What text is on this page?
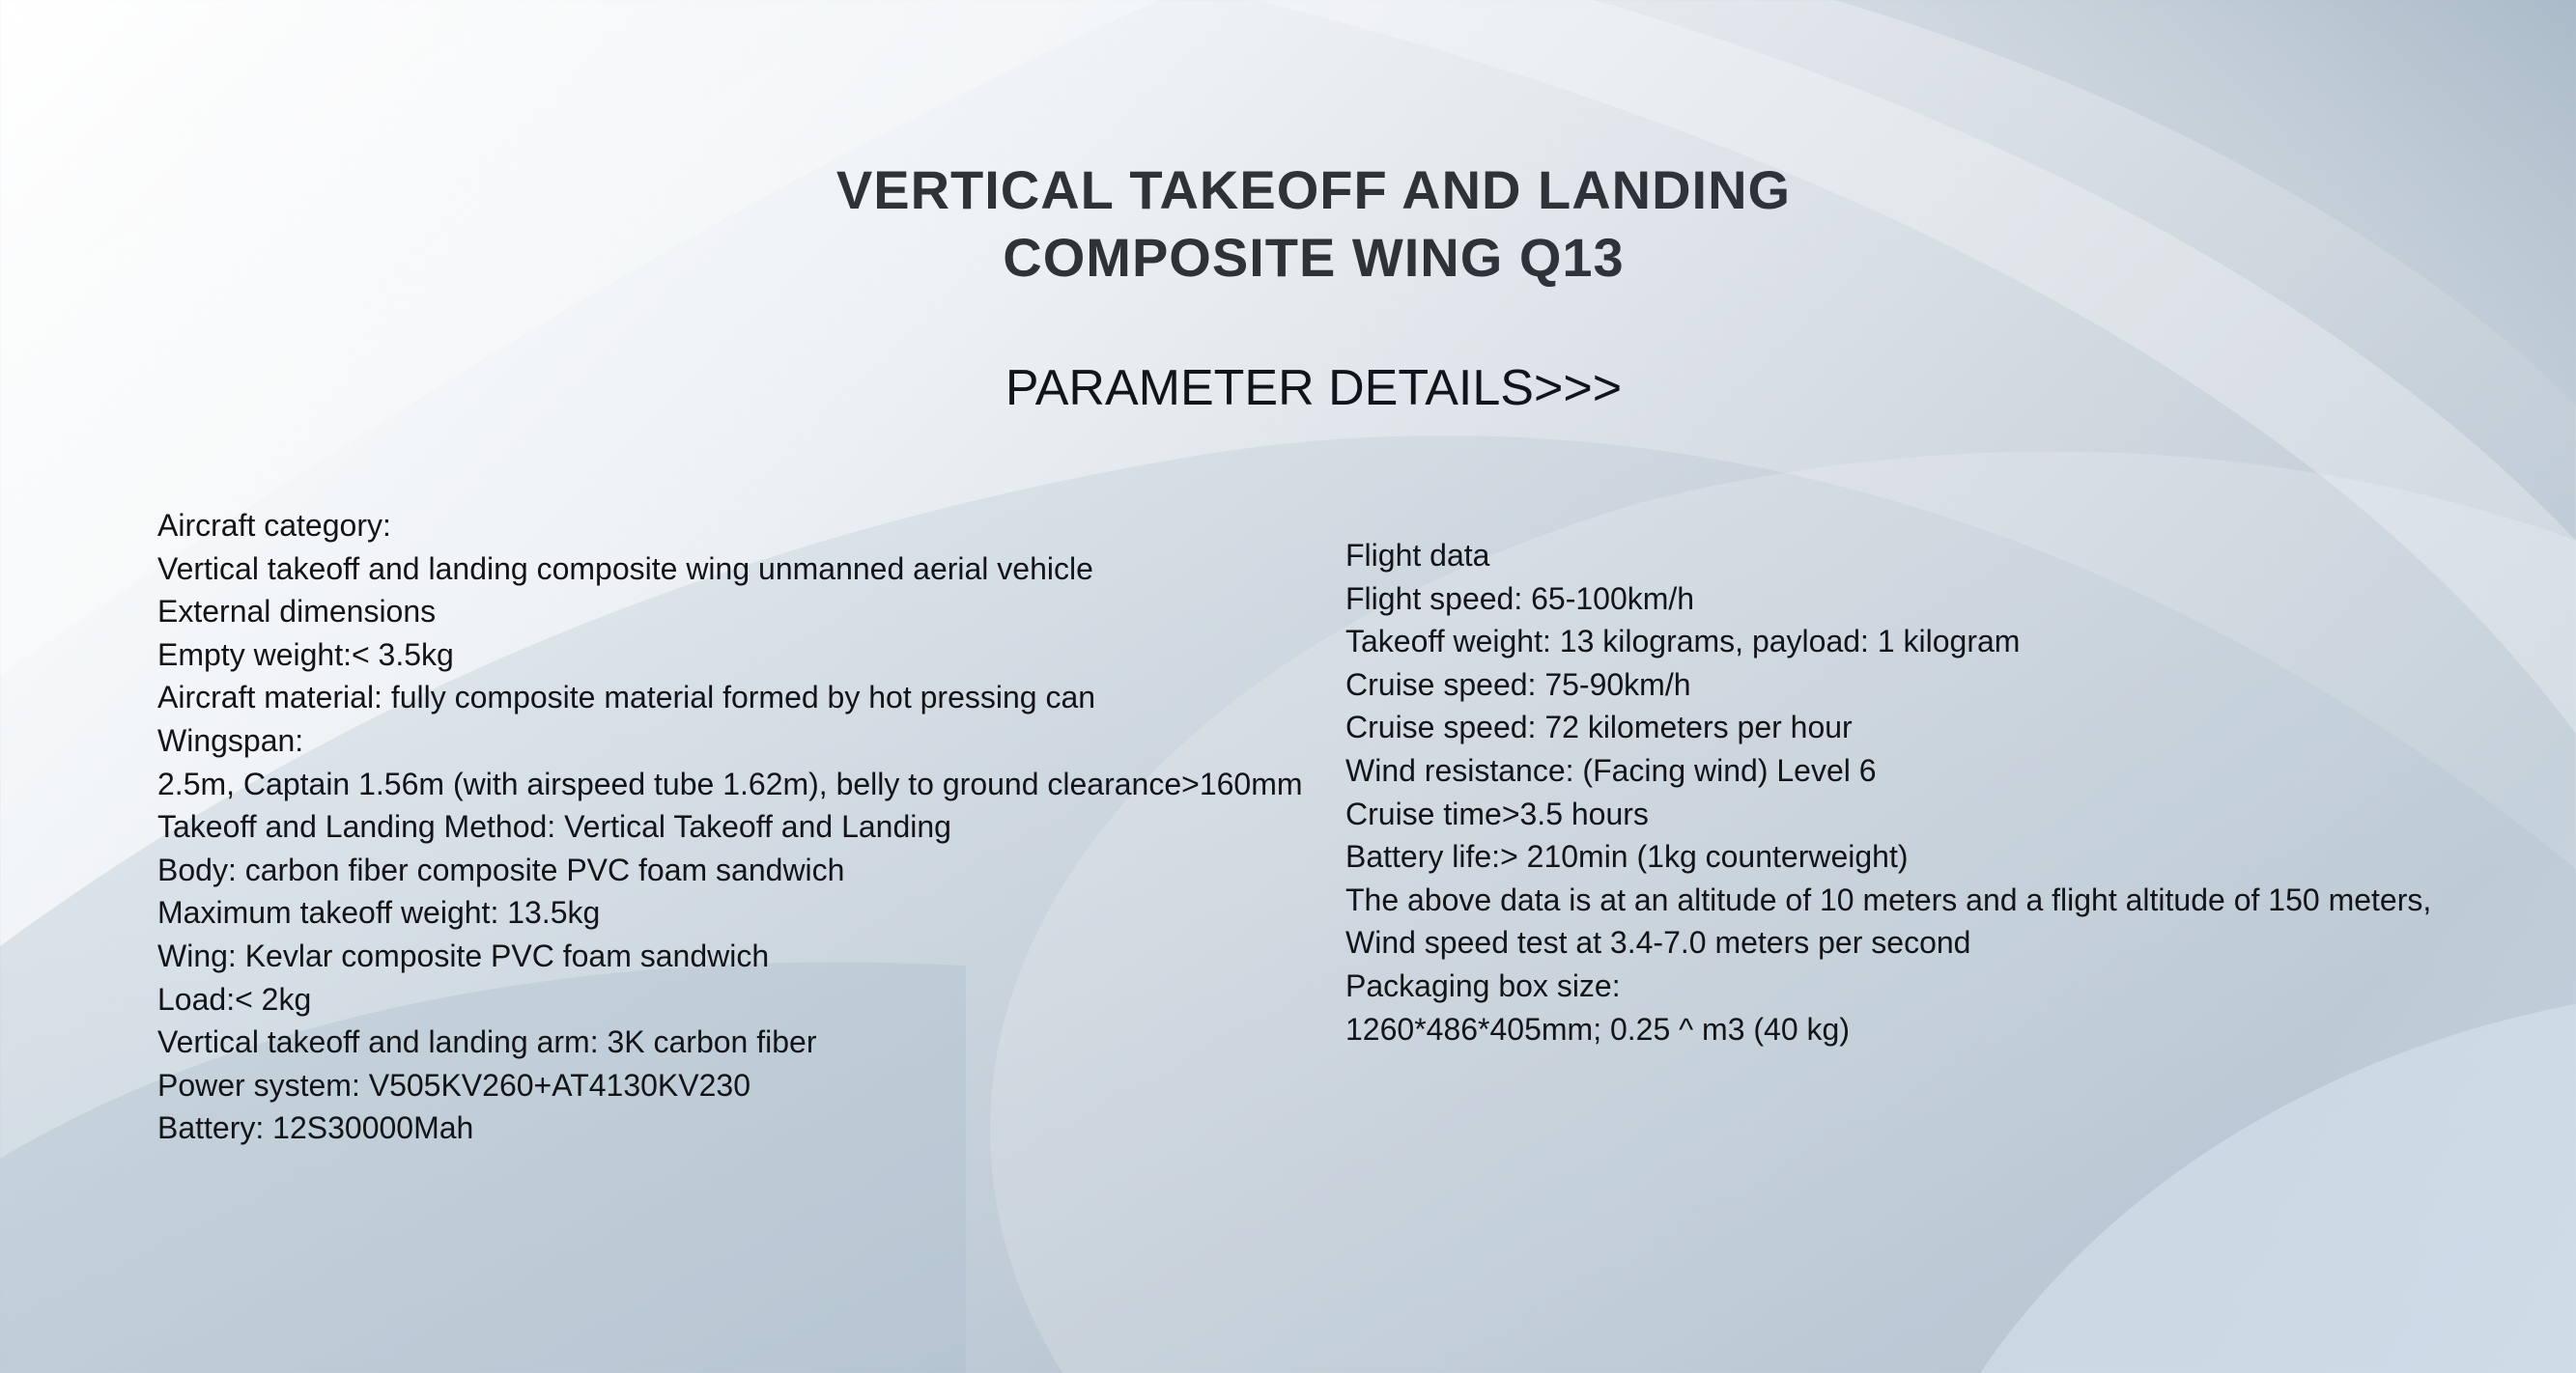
VERTICAL TAKEOFF AND LANDING
COMPOSITE WING Q13
PARAMETER DETAILS>>>
Aircraft category:
Vertical takeoff and landing composite wing unmanned aerial vehicle
External dimensions
Empty weight:< 3.5kg
Aircraft material: fully composite material formed by hot pressing can
Wingspan:
2.5m, Captain 1.56m (with airspeed tube 1.62m), belly to ground clearance>160mm
Takeoff and Landing Method: Vertical Takeoff and Landing
Body: carbon fiber composite PVC foam sandwich
Maximum takeoff weight: 13.5kg
Wing: Kevlar composite PVC foam sandwich
Load:< 2kg
Vertical takeoff and landing arm: 3K carbon fiber
Power system: V505KV260+AT4130KV230
Battery: 12S30000Mah
Flight data
Flight speed: 65-100km/h
Takeoff weight: 13 kilograms, payload: 1 kilogram
Cruise speed: 75-90km/h
Cruise speed: 72 kilometers per hour
Wind resistance: (Facing wind) Level 6
Cruise time>3.5 hours
Battery life:> 210min (1kg counterweight)
The above data is at an altitude of 10 meters and a flight altitude of 150 meters,
Wind speed test at 3.4-7.0 meters per second
Packaging box size:
1260*486*405mm; 0.25 ^ m3 (40 kg)
